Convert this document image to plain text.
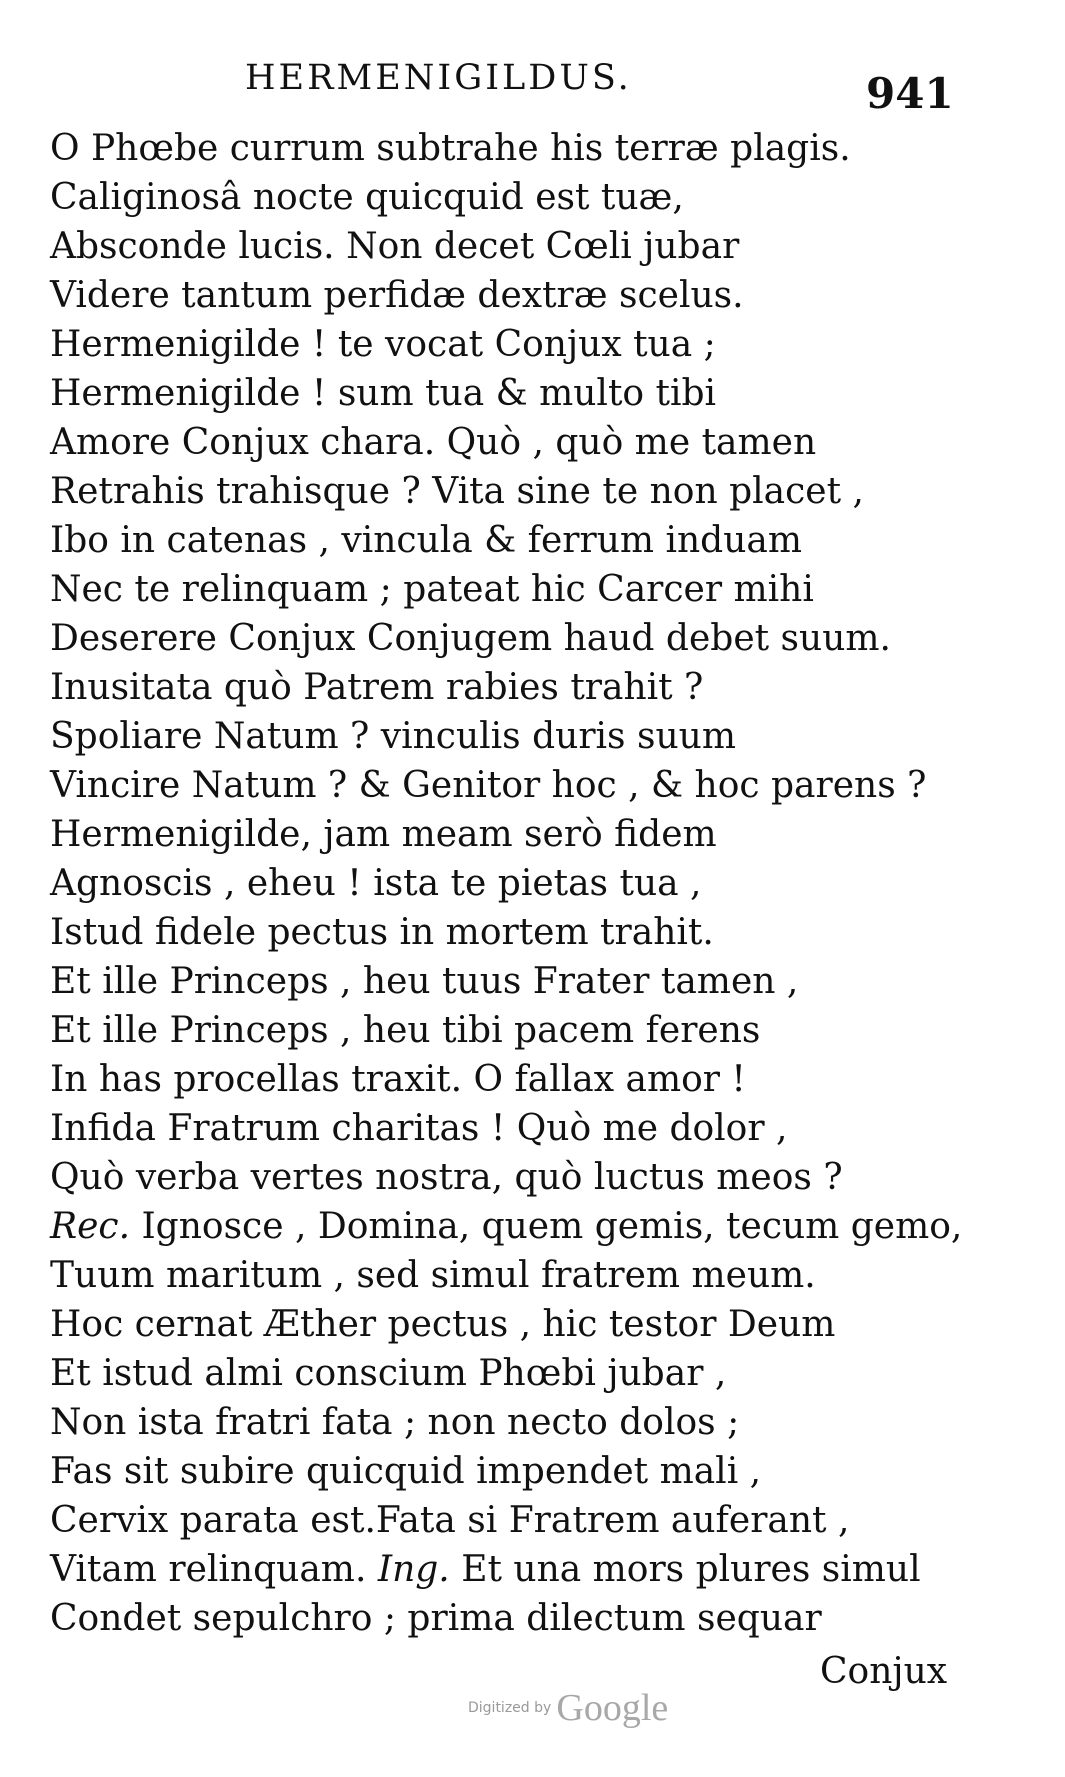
HERMENIGILDUS.	941
O Phœbe currum subtrahe his terræ plagis.
Caliginosâ nocte quicquid est tuæ,
Absconde lucis. Non decet Cœli jubar
Videre tantum perfidæ dextræ scelus.
Hermenigilde ! te vocat Conjux tua ;
Hermenigilde ! sum tua & multo tibi
Amore Conjux chara. Quò , quò me tamen
Retrahis trahisque ? Vita sine te non placet ,
Ibo in catenas , vincula & ferrum induam
Nec te relinquam ; pateat hic Carcer mihi
Deserere Conjux Conjugem haud debet suum.
Inusitata quò Patrem rabies trahit ?
Spoliare Natum ? vinculis duris suum
Vincire Natum ? & Genitor hoc , & hoc parens ?
Hermenigilde, jam meam serò fidem
Agnoscis , eheu ! ista te pietas tua ,
Istud fidele pectus in mortem trahit.
Et ille Princeps , heu tuus Frater tamen ,
Et ille Princeps , heu tibi pacem ferens
In has procellas traxit. O fallax amor !
Infida Fratrum charitas ! Quò me dolor ,
Quò verba vertes nostra, quò luctus meos ?
Rec. Ignosce , Domina, quem gemis, tecum gemo,
Tuum maritum , sed simul fratrem meum.
Hoc cernat Æther pectus , hic testor Deum
Et istud almi conscium Phœbi jubar ,
Non ista fratri fata ; non necto dolos ;
Fas sit subire quicquid impendet mali ,
Cervix parata est.Fata si Fratrem auferant ,
Vitam relinquam. Ing. Et una mors plures simul
Condet sepulchro ; prima dilectum sequar
Conjux
Digitized by Google
